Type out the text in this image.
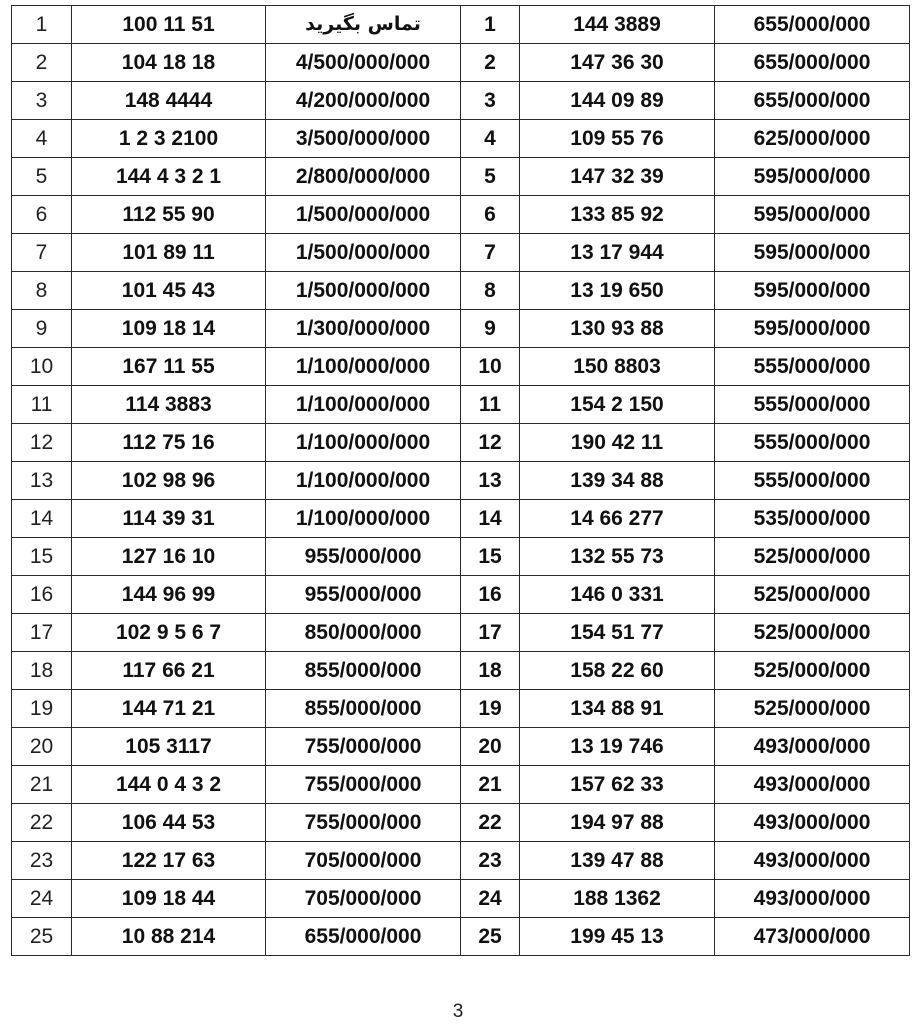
1	100 11 51	تماس بگیرید	1	144 3889	655/000/000
2	104 18 18	4/500/000/000	2	147 36 30	655/000/000
3	148 4444	4/200/000/000	3	144 09 89	655/000/000
4	1 2 3 2100	3/500/000/000	4	109 55 76	625/000/000
5	144 4 3 2 1	2/800/000/000	5	147 32 39	595/000/000
6	112 55 90	1/500/000/000	6	133 85 92	595/000/000
7	101 89 11	1/500/000/000	7	13 17 944	595/000/000
8	101 45 43	1/500/000/000	8	13 19 650	595/000/000
9	109 18 14	1/300/000/000	9	130 93 88	595/000/000
10	167 11 55	1/100/000/000	10	150 8803	555/000/000
11	114 3883	1/100/000/000	11	154 2 150	555/000/000
12	112 75 16	1/100/000/000	12	190 42 11	555/000/000
13	102 98 96	1/100/000/000	13	139 34 88	555/000/000
14	114 39 31	1/100/000/000	14	14 66 277	535/000/000
15	127 16 10	955/000/000	15	132 55 73	525/000/000
16	144 96 99	955/000/000	16	146 0 331	525/000/000
17	102 9 5 6 7	850/000/000	17	154 51 77	525/000/000
18	117 66 21	855/000/000	18	158 22 60	525/000/000
19	144 71 21	855/000/000	19	134 88 91	525/000/000
20	105 3117	755/000/000	20	13 19 746	493/000/000
21	144 0 4 3 2	755/000/000	21	157 62 33	493/000/000
22	106 44 53	755/000/000	22	194 97 88	493/000/000
23	122 17 63	705/000/000	23	139 47 88	493/000/000
24	109 18 44	705/000/000	24	188 1362	493/000/000
25	10 88 214	655/000/000	25	199 45 13	473/000/000
3
